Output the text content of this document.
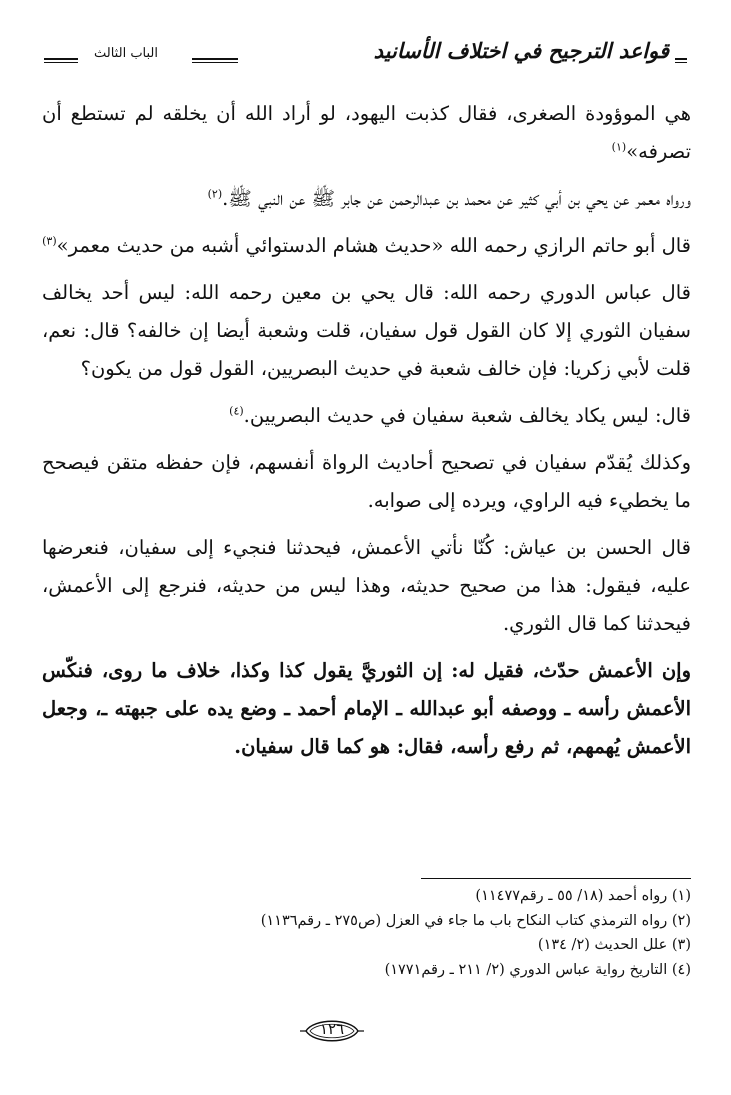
الباب الثالث	قواعد الترجيح في اختلاف الأسانيد

هي الموؤودة الصغرى، فقال كذبت اليهود، لو أراد الله أن يخلقه لم تستطع أن تصرفه»$^{(١)}$

ورواه معمر عن يحي بن أبي كثير عن محمد بن عبدالرحمن عن جابر ﷺ عن النبي ﷺ.$^{(٢)}$

قال أبو حاتم الرازي رحمه الله «حديث هشام الدستوائي أشبه من حديث معمر»$^{(٣)}$

قال عباس الدوري رحمه الله: قال يحي بن معين رحمه الله: ليس أحد يخالف سفيان الثوري إلا كان القول قول سفيان، قلت وشعبة أيضا إن خالفه؟ قال: نعم، قلت لأبي زكريا: فإن خالف شعبة في حديث البصريين، القول قول من يكون؟

قال: ليس يكاد يخالف شعبة سفيان في حديث البصريين.$^{(٤)}$

وكذلك يُقدّم سفيان في تصحيح أحاديث الرواة أنفسهم، فإن حفظه متقن فيصحح ما يخطيء فيه الراوي، ويرده إلى صوابه.

قال الحسن بن عياش: كُنّا نأتي الأعمش، فيحدثنا فنجيء إلى سفيان، فنعرضها عليه، فيقول: هذا من صحيح حديثه، وهذا ليس من حديثه، فنرجع إلى الأعمش، فيحدثنا كما قال الثوري.

وإن الأعمش حدّث، فقيل له: إن الثوريَّ يقول كذا وكذا، خلاف ما روى، فنكّس الأعمش رأسه ـ ووصفه أبو عبدالله ـ الإمام أحمد ـ وضع يده على جبهته ـ، وجعل الأعمش يُهمهم، ثم رفع رأسه، فقال: هو كما قال سفيان.

(١) رواه أحمد (١٨/ ٥٥ ـ رقم١١٤٧٧)
(٢) رواه الترمذي كتاب النكاح باب ما جاء في العزل (ص٢٧٥ ـ رقم١١٣٦)
(٣) علل الحديث (٢/ ١٣٤)
(٤) التاريخ رواية عباس الدوري (٢/ ٢١١ ـ رقم١٧٧١)
١٢٦
